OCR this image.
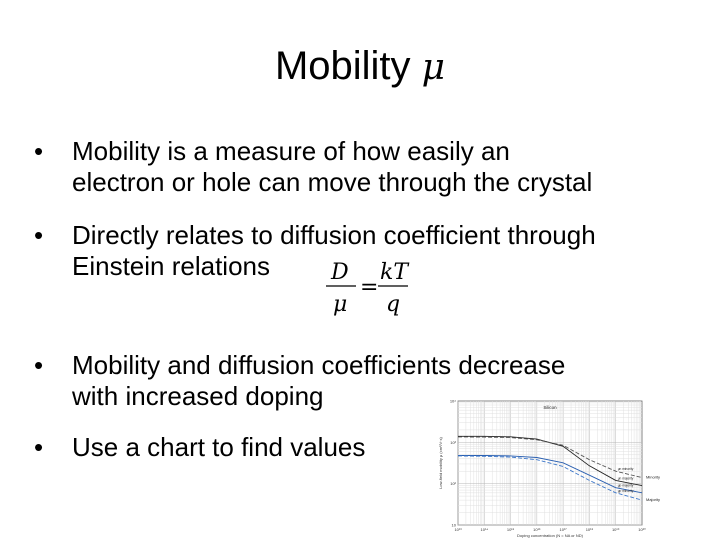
Mobility μ
•	Mobility is a measure of how easily an
electron or hole can move through the crystal
•	Directly relates to diffusion coefficient through
Einstein relations	D
μ
=
kT
q
•	Mobility and diffusion coefficients decrease
with increased doping
•	Use a chart to find values
10¹³	10¹⁴	10¹⁵	10¹⁶	10¹⁷	10¹⁸	10¹⁹	10²⁰
10
10²
10³
10⁴
Silicon
Doping concentration (N = NA or ND)
Low-field mobility μ (cm²/V·s)	μn majority
μn minority
μp majority
μp minority
Minority
Majority
